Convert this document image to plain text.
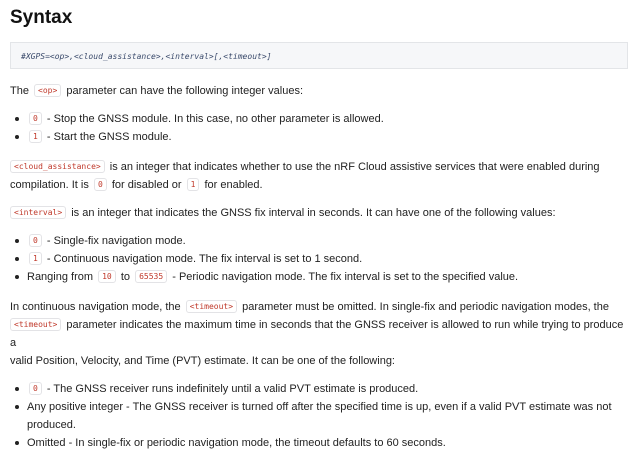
Syntax
#XGPS=<op>,<cloud_assistance>,<interval>[,<timeout>]

The <op> parameter can have the following integer values:

0 - Stop the GNSS module. In this case, no other parameter is allowed.
1 - Start the GNSS module.

<cloud_assistance> is an integer that indicates whether to use the nRF Cloud assistive services that were enabled during
compilation. It is 0 for disabled or 1 for enabled.

<interval> is an integer that indicates the GNSS fix interval in seconds. It can have one of the following values:

0 - Single-fix navigation mode.
1 - Continuous navigation mode. The fix interval is set to 1 second.
Ranging from 10 to 65535 - Periodic navigation mode. The fix interval is set to the specified value.

In continuous navigation mode, the <timeout> parameter must be omitted. In single-fix and periodic navigation modes, the
<timeout> parameter indicates the maximum time in seconds that the GNSS receiver is allowed to run while trying to produce a
valid Position, Velocity, and Time (PVT) estimate. It can be one of the following:

0 - The GNSS receiver runs indefinitely until a valid PVT estimate is produced.
Any positive integer - The GNSS receiver is turned off after the specified time is up, even if a valid PVT estimate was not
produced.
Omitted - In single-fix or periodic navigation mode, the timeout defaults to 60 seconds.
